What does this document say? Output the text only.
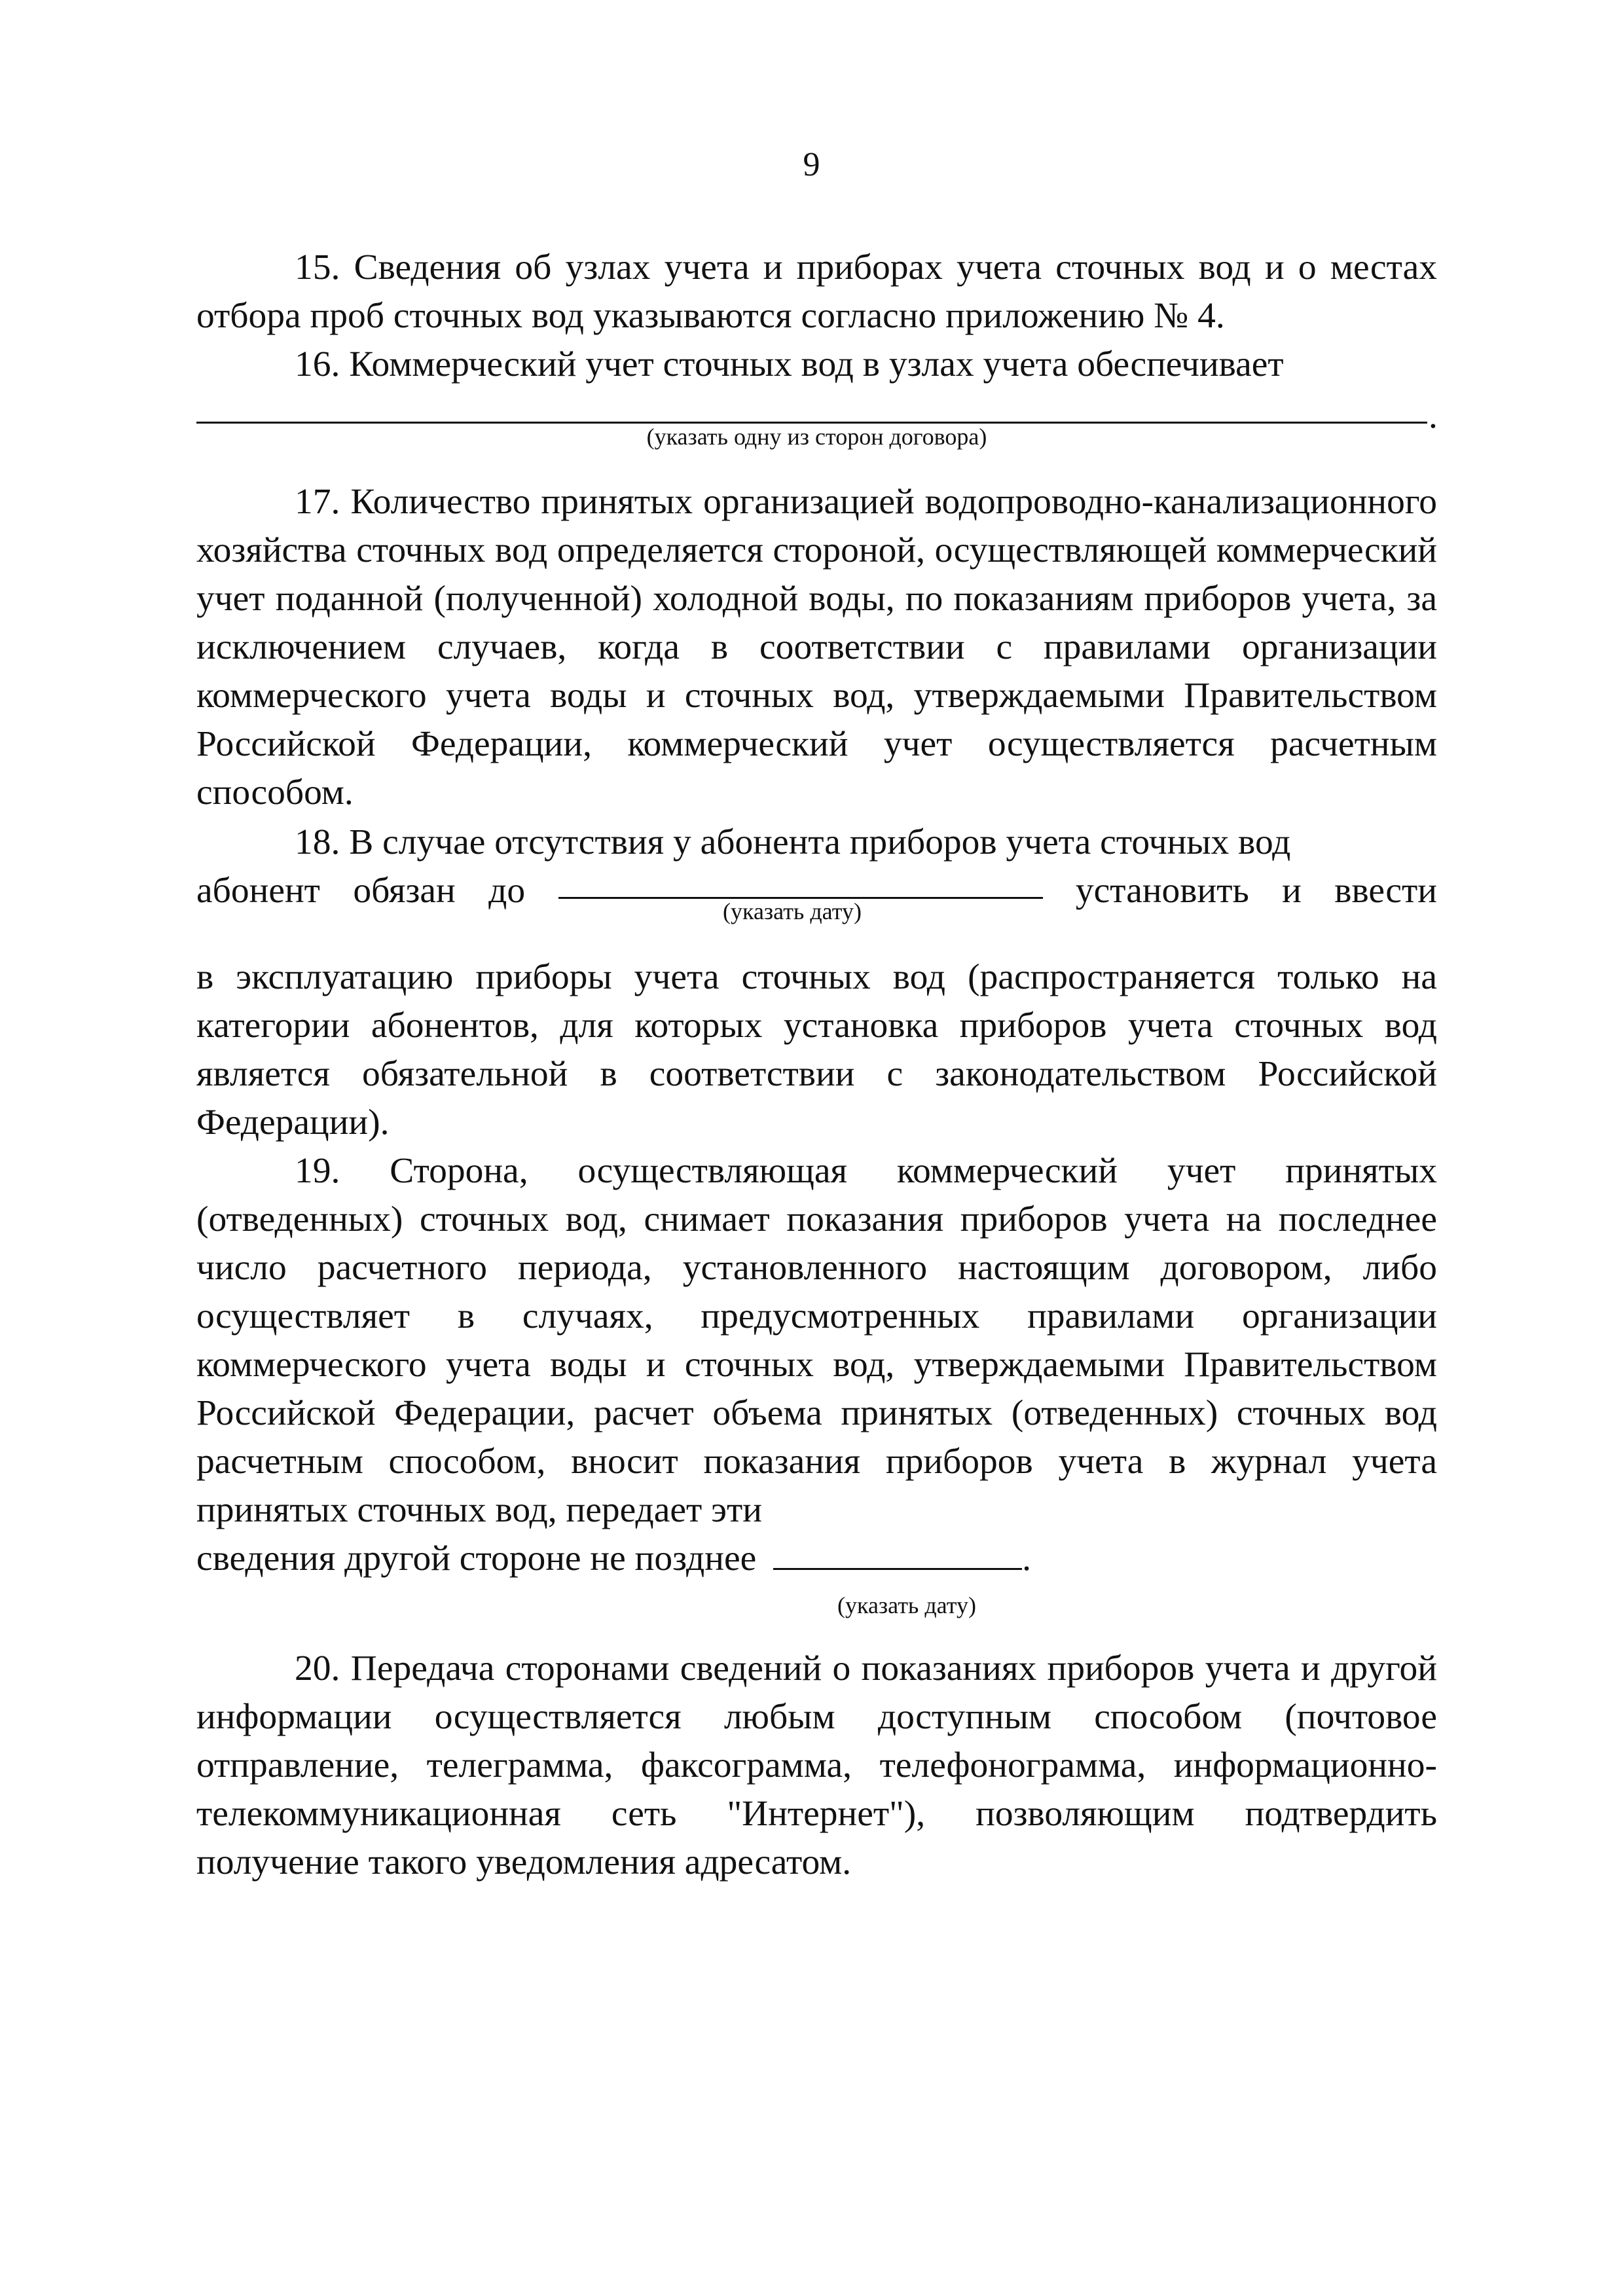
9

15. Сведения об узлах учета и приборах учета сточных вод и о местах отбора проб сточных вод указываются согласно приложению № 4.

16. Коммерческий учет сточных вод в узлах учета обеспечивает

(указать одну из сторон договора)
.

17. Количество принятых организацией водопроводно-канализационного хозяйства сточных вод определяется стороной, осуществляющей коммерческий учет поданной (полученной) холодной воды, по показаниям приборов учета, за исключением случаев, когда в соответствии с правилами организации коммерческого учета воды и сточных вод, утверждаемыми Правительством Российской Федерации, коммерческий учет осуществляется расчетным способом.

18. В случае отсутствия у абонента приборов учета сточных вод

абонент обязан до	установить и ввести
(указать дату)

в эксплуатацию приборы учета сточных вод (распространяется только на категории абонентов, для которых установка приборов учета сточных вод является обязательной в соответствии с законодательством Российской Федерации).

19. Сторона, осуществляющая коммерческий учет принятых (отведенных) сточных вод, снимает показания приборов учета на последнее число расчетного периода, установленного настоящим договором, либо осуществляет в случаях, предусмотренных правилами организации коммерческого учета воды и сточных вод, утверждаемыми Правительством Российской Федерации, расчет объема принятых (отведенных) сточных вод расчетным способом, вносит показания приборов учета в журнал учета принятых сточных вод, передает эти

сведения другой стороне не позднее	.
(указать дату)

20. Передача сторонами сведений о показаниях приборов учета и другой информации осуществляется любым доступным способом (почтовое отправление, телеграмма, факсограмма, телефонограмма, информационно-телекоммуникационная сеть "Интернет"), позволяющим подтвердить получение такого уведомления адресатом.
